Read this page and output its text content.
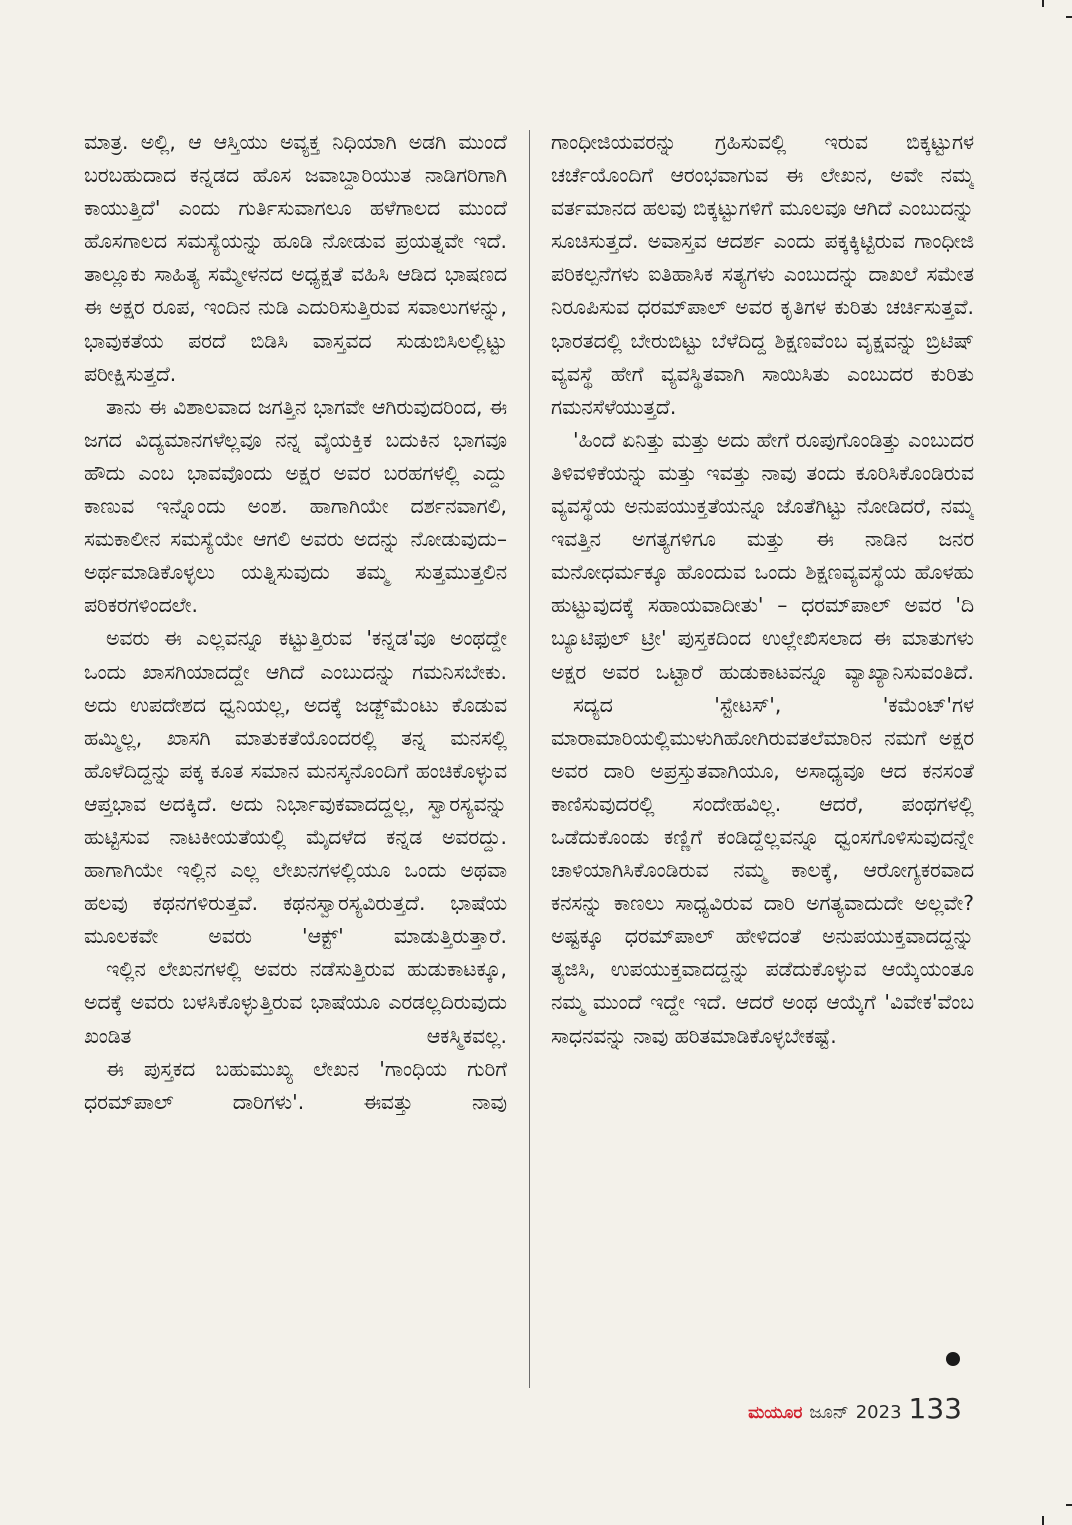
ಮಾತ್ರ. ಅಲ್ಲಿ, ಆ ಆಸ್ತಿಯು ಅವ್ಯಕ್ತ ನಿಧಿಯಾಗಿ ಅಡಗಿ ಮುಂದೆ ಬರಬಹುದಾದ ಕನ್ನಡದ ಹೊಸ ಜವಾಬ್ದಾರಿಯುತ ನಾಡಿಗರಿಗಾಗಿ ಕಾಯುತ್ತಿದೆ' ಎಂದು ಗುರ್ತಿಸುವಾಗಲೂ ಹಳೆಗಾಲದ ಮುಂದೆ ಹೊಸಗಾಲದ ಸಮಸ್ಯೆಯನ್ನು ಹೂಡಿ ನೋಡುವ ಪ್ರಯತ್ನವೇ ಇದೆ. ತಾಲ್ಲೂಕು ಸಾಹಿತ್ಯ ಸಮ್ಮೇಳನದ ಅಧ್ಯಕ್ಷತೆ ವಹಿಸಿ ಆಡಿದ ಭಾಷಣದ ಈ ಅಕ್ಷರ ರೂಪ, ಇಂದಿನ ನುಡಿ ಎದುರಿಸುತ್ತಿರುವ ಸವಾಲುಗಳನ್ನು, ಭಾವುಕತೆಯ ಪರದೆ ಬಿಡಿಸಿ ವಾಸ್ತವದ ಸುಡುಬಿಸಿಲಲ್ಲಿಟ್ಟು ಪರೀಕ್ಷಿಸುತ್ತದೆ.

ತಾನು ಈ ವಿಶಾಲವಾದ ಜಗತ್ತಿನ ಭಾಗವೇ ಆಗಿರುವುದರಿಂದ, ಈ ಜಗದ ವಿದ್ಯಮಾನಗಳೆಲ್ಲವೂ ನನ್ನ ವೈಯಕ್ತಿಕ ಬದುಕಿನ ಭಾಗವೂ ಹೌದು ಎಂಬ ಭಾವವೊಂದು ಅಕ್ಷರ ಅವರ ಬರಹಗಳಲ್ಲಿ ಎದ್ದು ಕಾಣುವ ಇನ್ನೊಂದು ಅಂಶ. ಹಾಗಾಗಿಯೇ ದರ್ಶನವಾಗಲಿ, ಸಮಕಾಲೀನ ಸಮಸ್ಯೆಯೇ ಆಗಲಿ ಅವರು ಅದನ್ನು ನೋಡುವುದು–ಅರ್ಥಮಾಡಿಕೊಳ್ಳಲು ಯತ್ನಿಸುವುದು ತಮ್ಮ ಸುತ್ತಮುತ್ತಲಿನ ಪರಿಕರಗಳಿಂದಲೇ.

ಅವರು ಈ ಎಲ್ಲವನ್ನೂ ಕಟ್ಟುತ್ತಿರುವ 'ಕನ್ನಡ'ವೂ ಅಂಥದ್ದೇ ಒಂದು ಖಾಸಗಿಯಾದದ್ದೇ ಆಗಿದೆ ಎಂಬುದನ್ನು ಗಮನಿಸಬೇಕು. ಅದು ಉಪದೇಶದ ಧ್ವನಿಯಲ್ಲ, ಅದಕ್ಕೆ ಜಡ್ಜ್‌ಮೆಂಟು ಕೊಡುವ ಹಮ್ಮಿಲ್ಲ, ಖಾಸಗಿ ಮಾತುಕತೆಯೊಂದರಲ್ಲಿ ತನ್ನ ಮನಸಲ್ಲಿ ಹೊಳೆದಿದ್ದನ್ನು ಪಕ್ಕ ಕೂತ ಸಮಾನ ಮನಸ್ಕನೊಂದಿಗೆ ಹಂಚಿಕೊಳ್ಳುವ ಆಪ್ತಭಾವ ಅದಕ್ಕಿದೆ. ಅದು ನಿರ್ಭಾವುಕವಾದದ್ದಲ್ಲ, ಸ್ವಾರಸ್ಯವನ್ನು ಹುಟ್ಟಿಸುವ ನಾಟಕೀಯತೆಯಲ್ಲಿ ಮೈದಳೆದ ಕನ್ನಡ ಅವರದ್ದು. ಹಾಗಾಗಿಯೇ ಇಲ್ಲಿನ ಎಲ್ಲ ಲೇಖನಗಳಲ್ಲಿಯೂ ಒಂದು ಅಥವಾ ಹಲವು ಕಥನಗಳಿರುತ್ತವೆ. ಕಥನಸ್ವಾರಸ್ಯವಿರುತ್ತದೆ. ಭಾಷೆಯ ಮೂಲಕವೇ ಅವರು 'ಆಕ್ಟ್' ಮಾಡುತ್ತಿರುತ್ತಾರೆ.

ಇಲ್ಲಿನ ಲೇಖನಗಳಲ್ಲಿ ಅವರು ನಡೆಸುತ್ತಿರುವ ಹುಡುಕಾಟಕ್ಕೂ, ಅದಕ್ಕೆ ಅವರು ಬಳಸಿಕೊಳ್ಳುತ್ತಿರುವ ಭಾಷೆಯೂ ಎರಡಲ್ಲದಿರುವುದು ಖಂಡಿತ ಆಕಸ್ಮಿಕವಲ್ಲ.

ಈ ಪುಸ್ತಕದ ಬಹುಮುಖ್ಯ ಲೇಖನ 'ಗಾಂಧಿಯ ಗುರಿಗೆ ಧರಮ್‌ಪಾಲ್ ದಾರಿಗಳು'. ಈವತ್ತು ನಾವು

ಗಾಂಧೀಜಿಯವರನ್ನು ಗ್ರಹಿಸುವಲ್ಲಿ ಇರುವ ಬಿಕ್ಕಟ್ಟುಗಳ ಚರ್ಚೆಯೊಂದಿಗೆ ಆರಂಭವಾಗುವ ಈ ಲೇಖನ, ಅವೇ ನಮ್ಮ ವರ್ತಮಾನದ ಹಲವು ಬಿಕ್ಕಟ್ಟುಗಳಿಗೆ ಮೂಲವೂ ಆಗಿದೆ ಎಂಬುದನ್ನು ಸೂಚಿಸುತ್ತದೆ. ಅವಾಸ್ತವ ಆದರ್ಶ ಎಂದು ಪಕ್ಕಕ್ಕಿಟ್ಟಿರುವ ಗಾಂಧೀಜಿ ಪರಿಕಲ್ಪನೆಗಳು ಐತಿಹಾಸಿಕ ಸತ್ಯಗಳು ಎಂಬುದನ್ನು ದಾಖಲೆ ಸಮೇತ ನಿರೂಪಿಸುವ ಧರಮ್‌ಪಾಲ್ ಅವರ ಕೃತಿಗಳ ಕುರಿತು ಚರ್ಚಿಸುತ್ತವೆ. ಭಾರತದಲ್ಲಿ ಬೇರುಬಿಟ್ಟು ಬೆಳೆದಿದ್ದ ಶಿಕ್ಷಣವೆಂಬ ವೃಕ್ಷವನ್ನು ಬ್ರಿಟಿಷ್ ವ್ಯವಸ್ಥೆ ಹೇಗೆ ವ್ಯವಸ್ಥಿತವಾಗಿ ಸಾಯಿಸಿತು ಎಂಬುದರ ಕುರಿತು ಗಮನಸೆಳೆಯುತ್ತದೆ.

'ಹಿಂದೆ ಏನಿತ್ತು ಮತ್ತು ಅದು ಹೇಗೆ ರೂಪುಗೊಂಡಿತ್ತು ಎಂಬುದರ ತಿಳಿವಳಿಕೆಯನ್ನು ಮತ್ತು ಇವತ್ತು ನಾವು ತಂದು ಕೂರಿಸಿಕೊಂಡಿರುವ ವ್ಯವಸ್ಥೆಯ ಅನುಪಯುಕ್ತತೆಯನ್ನೂ ಜೊತೆಗಿಟ್ಟು ನೋಡಿದರೆ, ನಮ್ಮ ಇವತ್ತಿನ ಅಗತ್ಯಗಳಿಗೂ ಮತ್ತು ಈ ನಾಡಿನ ಜನರ ಮನೋಧರ್ಮಕ್ಕೂ ಹೊಂದುವ ಒಂದು ಶಿಕ್ಷಣವ್ಯವಸ್ಥೆಯ ಹೊಳಹು ಹುಟ್ಟುವುದಕ್ಕೆ ಸಹಾಯವಾದೀತು' – ಧರಮ್‌ಪಾಲ್ ಅವರ 'ದಿ ಬ್ಯೂಟಿಫುಲ್ ಟ್ರೀ' ಪುಸ್ತಕದಿಂದ ಉಲ್ಲೇಖಿಸಲಾದ ಈ ಮಾತುಗಳು ಅಕ್ಷರ ಅವರ ಒಟ್ಟಾರೆ ಹುಡುಕಾಟವನ್ನೂ ವ್ಯಾಖ್ಯಾನಿಸುವಂತಿದೆ.

ಸದ್ಯದ 'ಸ್ಟೇಟಸ್', 'ಕಮೆಂಟ್'ಗಳ ಮಾರಾಮಾರಿಯಲ್ಲಿಮುಳುಗಿಹೋಗಿರುವತಲೆಮಾರಿನ ನಮಗೆ ಅಕ್ಷರ ಅವರ ದಾರಿ ಅಪ್ರಸ್ತುತವಾಗಿಯೂ, ಅಸಾಧ್ಯವೂ ಆದ ಕನಸಂತೆ ಕಾಣಿಸುವುದರಲ್ಲಿ ಸಂದೇಹವಿಲ್ಲ. ಆದರೆ, ಪಂಥಗಳಲ್ಲಿ ಒಡೆದುಕೊಂಡು ಕಣ್ಣಿಗೆ ಕಂಡಿದ್ದೆಲ್ಲವನ್ನೂ ಧ್ವಂಸಗೊಳಿಸುವುದನ್ನೇ ಚಾಳಿಯಾಗಿಸಿಕೊಂಡಿರುವ ನಮ್ಮ ಕಾಲಕ್ಕೆ, ಆರೋಗ್ಯಕರವಾದ ಕನಸನ್ನು ಕಾಣಲು ಸಾಧ್ಯವಿರುವ ದಾರಿ ಅಗತ್ಯವಾದುದೇ ಅಲ್ಲವೇ? ಅಷ್ಟಕ್ಕೂ ಧರಮ್‌ಪಾಲ್ ಹೇಳಿದಂತೆ ಅನುಪಯುಕ್ತವಾದದ್ದನ್ನು ತ್ಯಜಿಸಿ, ಉಪಯುಕ್ತವಾದದ್ದನ್ನು ಪಡೆದುಕೊಳ್ಳುವ ಆಯ್ಕೆಯಂತೂ ನಮ್ಮ ಮುಂದೆ ಇದ್ದೇ ಇದೆ. ಆದರೆ ಅಂಥ ಆಯ್ಕೆಗೆ 'ವಿವೇಕ'ವೆಂಬ ಸಾಧನವನ್ನು ನಾವು ಹರಿತಮಾಡಿಕೊಳ್ಳಬೇಕಷ್ಟೆ.

ಮಯೂರ ಜೂನ್ 2023 133
